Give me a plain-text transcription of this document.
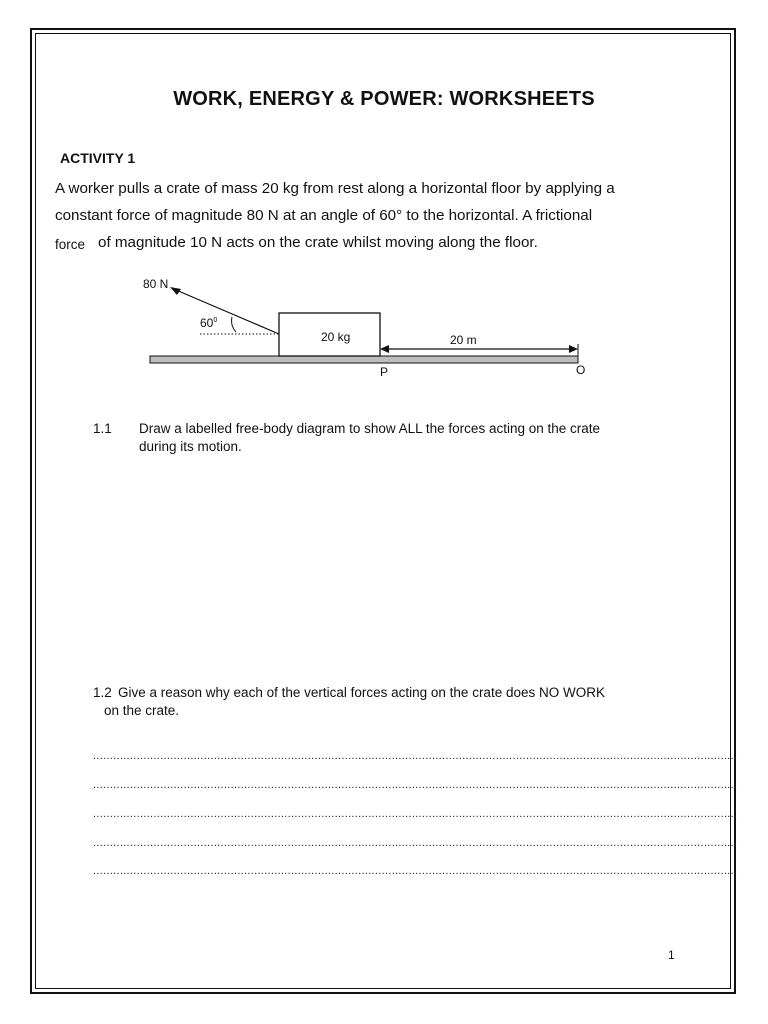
WORK, ENERGY & POWER: WORKSHEETS
ACTIVITY 1
A worker pulls a crate of mass 20 kg from rest along a horizontal floor by applying a
constant force of magnitude 80 N at an angle of 60° to the horizontal. A frictional
force of magnitude 10 N acts on the crate whilst moving along the floor.
20 kg
80 N
$60^0$
20 m
P	O
1.1 Draw a labelled free-body diagram to show ALL the forces acting on the crate
during its motion.
1.2 Give a reason why each of the vertical forces acting on the crate does NO WORK
on the crate.
................................................................................................................................................................................................
................................................................................................................................................................................................
................................................................................................................................................................................................
................................................................................................................................................................................................
................................................................................................................................................................................................
1
